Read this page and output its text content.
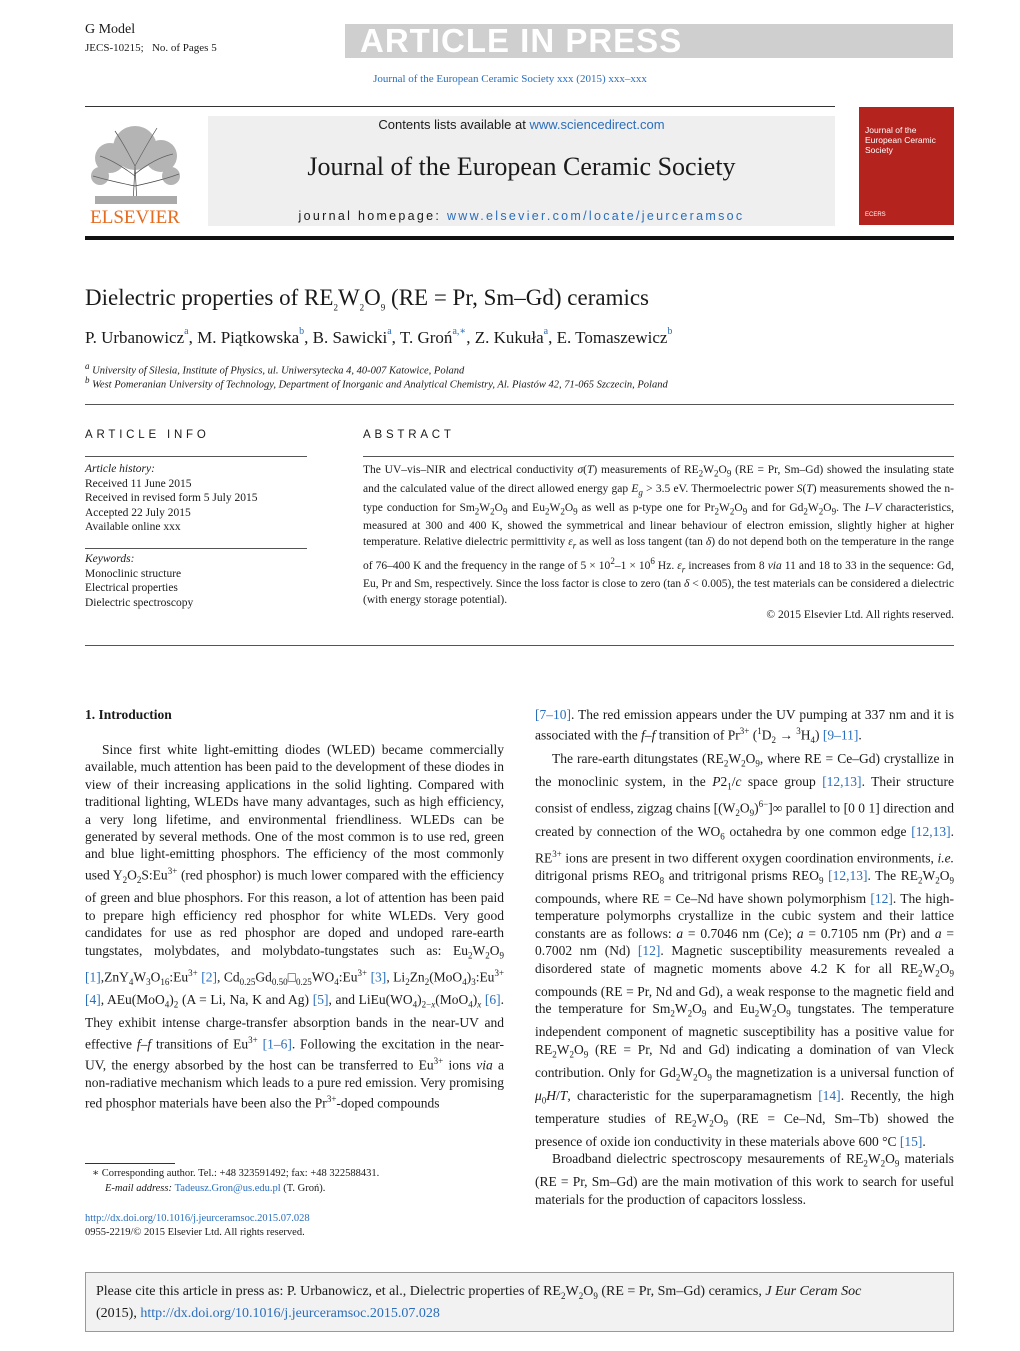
G Model
JECS-10215; No. of Pages 5	ARTICLE IN PRESS
Journal of the European Ceramic Society xxx (2015) xxx–xxx
ELSEVIER
Contents lists available at www.sciencedirect.com
Journal of the European Ceramic Society
journal homepage: www.elsevier.com/locate/jeurceramsoc
Journal of the European Ceramic Society
ECERS
Dielectric properties of $RE_2W_2O_9$ (RE = Pr, Sm–Gd) ceramics
P. Urbanowicz$^a$, M. Piątkowska$^b$, B. Sawicki$^a$, T. Groń$^{a,∗}$, Z. Kukuła$^a$, E. Tomaszewicz$^b$
$^a$ University of Silesia, Institute of Physics, ul. Uniwersytecka 4, 40-007 Katowice, Poland
$^b$ West Pomeranian University of Technology, Department of Inorganic and Analytical Chemistry, Al. Piastów 42, 71-065 Szczecin, Poland
ARTICLE INFO	ABSTRACT
Article history:
Received 11 June 2015
Received in revised form 5 July 2015
Accepted 22 July 2015
Available online xxx
Keywords:
Monoclinic structure
Electrical properties
Dielectric spectroscopy
The UV–vis–NIR and electrical conductivity σ(T) measurements of $RE_2W_2O_9$ (RE = Pr, Sm–Gd) showed the insulating state and the calculated value of the direct allowed energy gap $E_g > 3.5$ eV. Thermoelectric power S(T) measurements showed the n-type conduction for $Sm_2W_2O_9$ and $Eu_2W_2O_9$ as well as p-type one for $Pr_2W_2O_9$ and for $Gd_2W_2O_9$. The I–V characteristics, measured at 300 and 400 K, showed the symmetrical and linear behaviour of electron emission, slightly higher at higher temperature. Relative dielectric permittivity $\varepsilon_r$ as well as loss tangent (tan δ) do not depend both on the temperature in the range of 76–400 K and the frequency in the range of $5 \times 10^2-1 \times 10^6$ Hz. $\varepsilon_r$ increases from 8 via 11 and 18 to 33 in the sequence: Gd, Eu, Pr and Sm, respectively. Since the loss factor is close to zero (tan δ < 0.005), the test materials can be considered a dielectric (with energy storage potential).
© 2015 Elsevier Ltd. All rights reserved.
1. Introduction

Since first white light-emitting diodes (WLED) became commercially available, much attention has been paid to the development of these diodes in view of their increasing applications in the solid lighting. Compared with traditional lighting, WLEDs have many advantages, such as high efficiency, a very long lifetime, and environmental friendliness. WLEDs can be generated by several methods. One of the most common is to use red, green and blue light-emitting phosphors. The efficiency of the most commonly used $Y_2O_2S:Eu^{3+}$ (red phosphor) is much lower compared with the efficiency of green and blue phosphors. For this reason, a lot of attention has been paid to prepare high efficiency red phosphor for white WLEDs. Very good candidates for use as red phosphor are doped and undoped rare-earth tungstates, molybdates, and molybdato-tungstates such as: $Eu_2W_2O_9$ $[1],ZnY_4W_3O_{16}:Eu^{3+}$ [2], $Cd_{0.25}Gd_{0.50}□_{0.25}WO_4:Eu^{3+}$ [3], $Li_2Zn_2(MoO_4)_3:Eu^{3+}$ [4], $AEu(MoO_4)_2$ (A = Li, Na, K and Ag) [5], and $LiEu(WO_4)_{2-x}(MoO_4)_x$ [6]. They exhibit intense charge-transfer absorption bands in the near-UV and effective f–f transitions of $Eu^{3+}$ [1–6]. Following the excitation in the near-UV, the energy absorbed by the host can be transferred to $Eu^{3+}$ ions via a non-radiative mechanism which leads to a pure red emission. Very promising red phosphor materials have been also the $Pr^{3+}$-doped compounds

[7–10]. The red emission appears under the UV pumping at 337 nm and it is associated with the f–f transition of $Pr^{3+}$ $(^1D_2 \to ^3H_4)$ [9–11].

The rare-earth ditungstates ($RE_2W_2O_9$, where RE = Ce–Gd) crystallize in the monoclinic system, in the $P2_1/c$ space group [12,13]. Their structure consist of endless, zigzag chains $[(W_2O_9)^{6-}]\infty$ parallel to [0 0 1] direction and created by connection of the $WO_6$ octahedra by one common edge [12,13]. $RE^{3+}$ ions are present in two different oxygen coordination environments, i.e. ditrigonal prisms $REO_8$ and tritrigonal prisms $REO_9$ [12,13]. The $RE_2W_2O_9$ compounds, where RE = Ce–Nd have shown polymorphism [12]. The high-temperature polymorphs crystallize in the cubic system and their lattice constants are as follows: a = 0.7046 nm (Ce); a = 0.7105 nm (Pr) and a = 0.7002 nm (Nd) [12]. Magnetic susceptibility measurements revealed a disordered state of magnetic moments above 4.2 K for all $RE_2W_2O_9$ compounds (RE = Pr, Nd and Gd), a weak response to the magnetic field and the temperature for $Sm_2W_2O_9$ and $Eu_2W_2O_9$ tungstates. The temperature independent component of magnetic susceptibility has a positive value for $RE_2W_2O_9$ (RE = Pr, Nd and Gd) indicating a domination of van Vleck contribution. Only for $Gd_2W_2O_9$ the magnetization is a universal function of $\mu_0H/T$, characteristic for the superparamagnetism [14]. Recently, the high temperature studies of $RE_2W_2O_9$ (RE = Ce–Nd, Sm–Tb) showed the presence of oxide ion conductivity in these materials above 600 °C [15].

Broadband dielectric spectroscopy mesaurements of $RE_2W_2O_9$ materials (RE = Pr, Sm–Gd) are the main motivation of this work to search for useful materials for the production of capacitors lossless.

∗ Corresponding author. Tel.: +48 323591492; fax: +48 322588431.
E-mail address: Tadeusz.Gron@us.edu.pl (T. Groń).
http://dx.doi.org/10.1016/j.jeurceramsoc.2015.07.028
0955-2219/© 2015 Elsevier Ltd. All rights reserved.
Please cite this article in press as: P. Urbanowicz, et al., Dielectric properties of $RE_2W_2O_9$ (RE = Pr, Sm–Gd) ceramics, J Eur Ceram Soc
(2015), http://dx.doi.org/10.1016/j.jeurceramsoc.2015.07.028
